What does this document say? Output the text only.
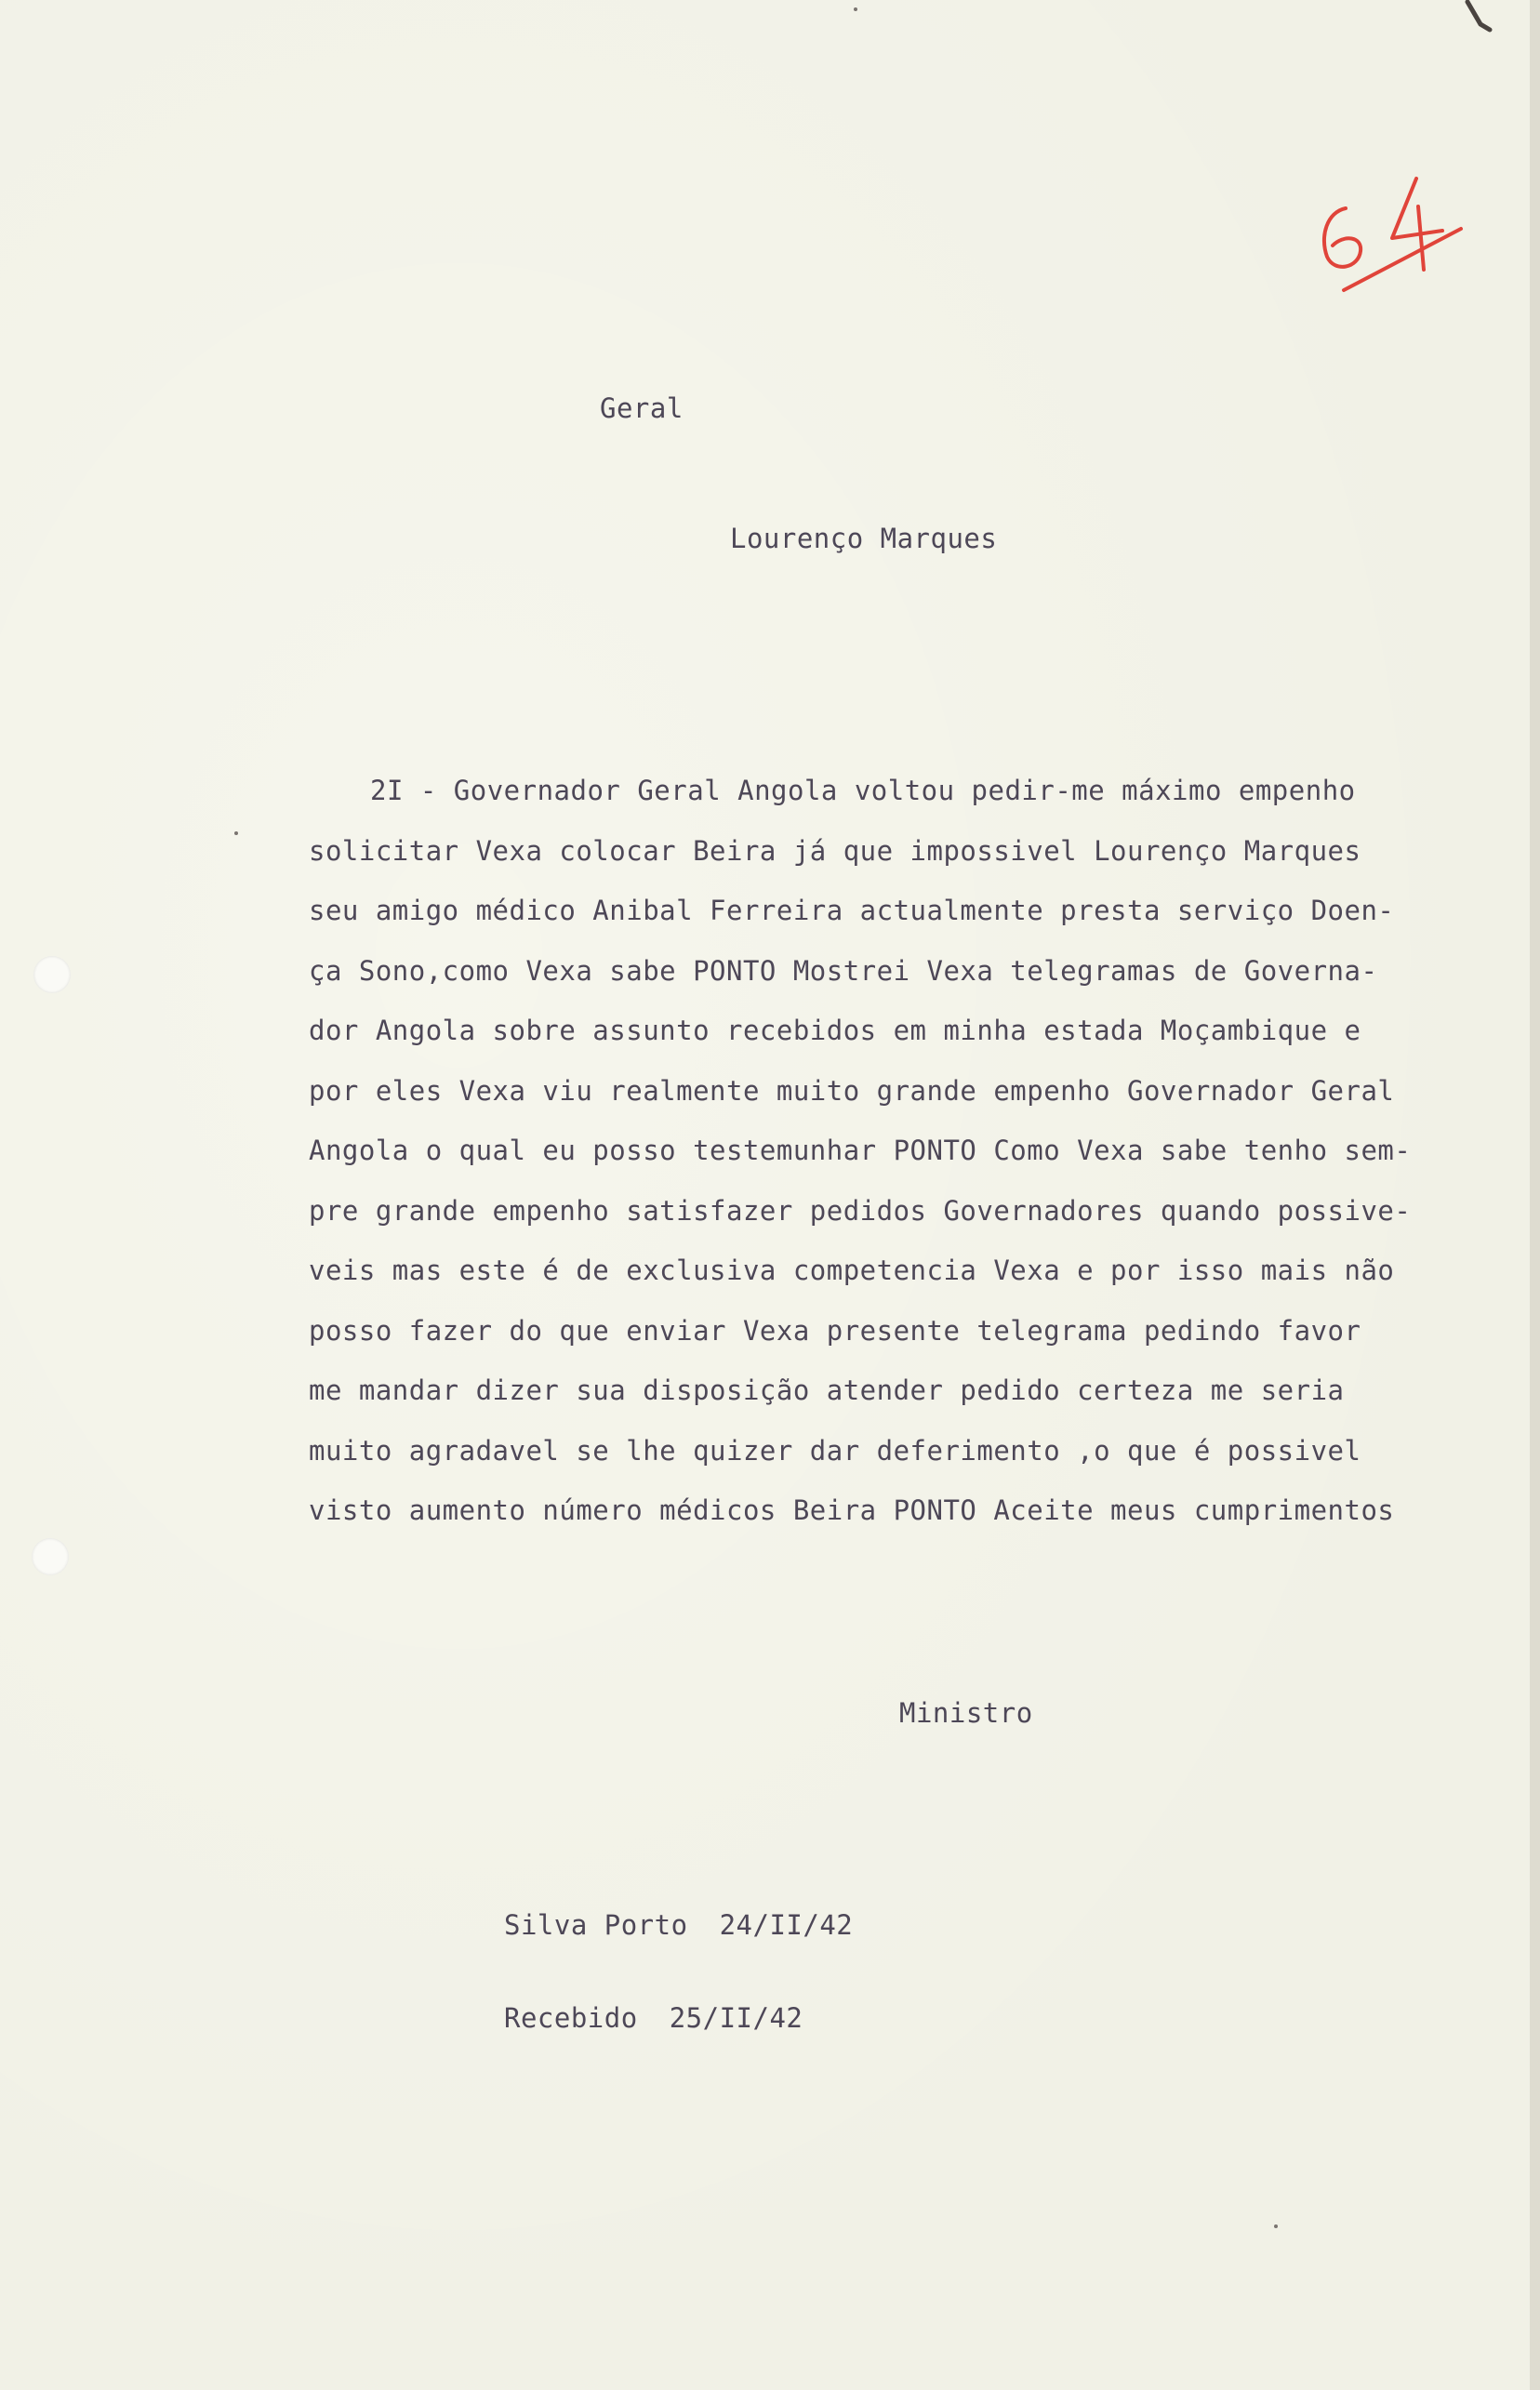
Geral

Lourenço Marques

2I - Governador Geral Angola voltou pedir-me máximo empenho
solicitar Vexa colocar Beira já que impossivel Lourenço Marques
seu amigo médico Anibal Ferreira actualmente presta serviço Doen-
ça Sono,como Vexa sabe PONTO Mostrei Vexa telegramas de Governa-
dor Angola sobre assunto recebidos em minha estada Moçambique e
por eles Vexa viu realmente muito grande empenho Governador Geral
Angola o qual eu posso testemunhar PONTO Como Vexa sabe tenho sem-
pre grande empenho satisfazer pedidos Governadores quando possive-
veis mas este é de exclusiva competencia Vexa e por isso mais não
posso fazer do que enviar Vexa presente telegrama pedindo favor
me mandar dizer sua disposição atender pedido certeza me seria
muito agradavel se lhe quizer dar deferimento ,o que é possivel
visto aumento número médicos Beira PONTO Aceite meus cumprimentos

Ministro

Silva Porto 24/II/42

Recebido 25/II/42
